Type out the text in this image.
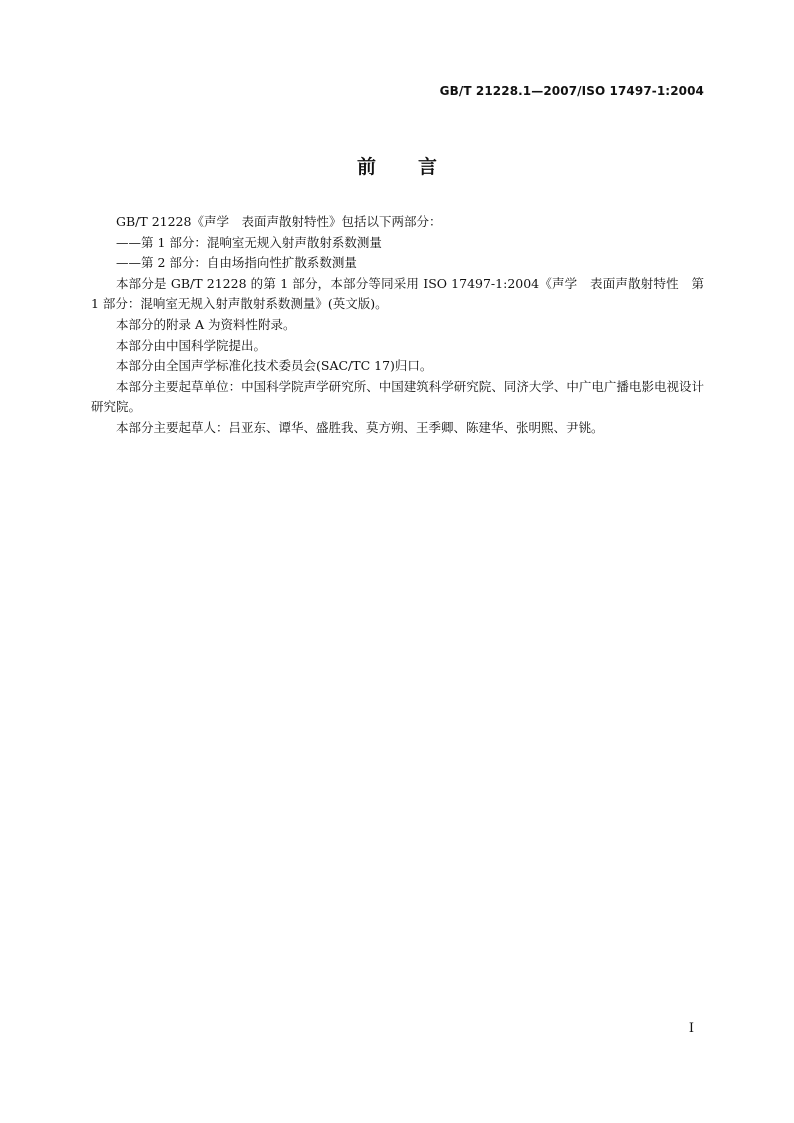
GB/T 21228.1—2007/ISO 17497-1:2004
前言

GB/T 21228《声学　表面声散射特性》包括以下两部分：

——第 1 部分：混响室无规入射声散射系数测量

——第 2 部分：自由场指向性扩散系数测量

本部分是 GB/T 21228 的第 1 部分，本部分等同采用 ISO 17497-1:2004《声学　表面声散射特性　第 1 部分：混响室无规入射声散射系数测量》(英文版)。

本部分的附录 A 为资料性附录。

本部分由中国科学院提出。

本部分由全国声学标准化技术委员会(SAC/TC 17)归口。

本部分主要起草单位：中国科学院声学研究所、中国建筑科学研究院、同济大学、中广电广播电影电视设计研究院。

本部分主要起草人：吕亚东、谭华、盛胜我、莫方朔、王季卿、陈建华、张明熙、尹铫。

I
